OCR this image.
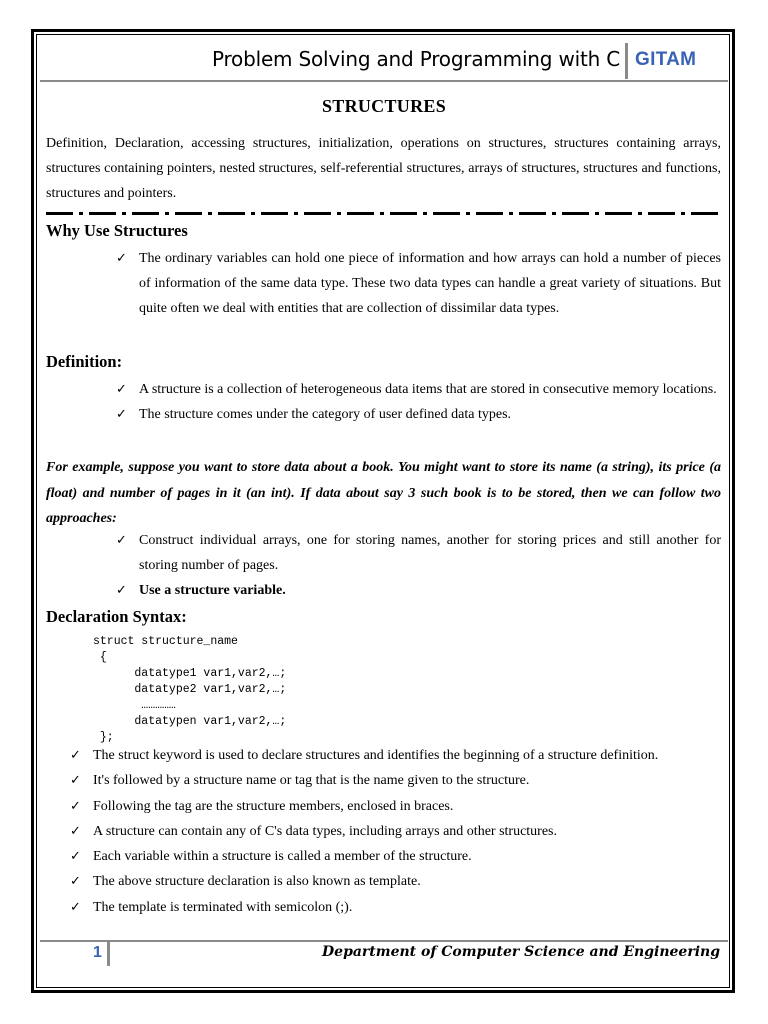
Problem Solving and Programming with C GITAM
STRUCTURES
Definition, Declaration, accessing structures, initialization, operations on structures, structures containing arrays, structures containing pointers, nested structures, self-referential structures, arrays of structures, structures and functions, structures and pointers.
Why Use Structures
✓ The ordinary variables can hold one piece of information and how arrays can hold a number of pieces of information of the same data type. These two data types can handle a great variety of situations. But quite often we deal with entities that are collection of dissimilar data types.
Definition:
✓ A structure is a collection of heterogeneous data items that are stored in consecutive memory locations.
✓ The structure comes under the category of user defined data types.
For example, suppose you want to store data about a book. You might want to store its name (a string), its price (a float) and number of pages in it (an int). If data about say 3 such book is to be stored, then we can follow two approaches:
✓ Construct individual arrays, one for storing names, another for storing prices and still another for storing number of pages.
✓ Use a structure variable.
Declaration Syntax:
struct structure_name
{
datatype1 var1,var2,…;
datatype2 var1,var2,…;
……………
datatypen var1,var2,…;
};
✓ The struct keyword is used to declare structures and identifies the beginning of a structure definition.
✓ It's followed by a structure name or tag that is the name given to the structure.
✓ Following the tag are the structure members, enclosed in braces.
✓ A structure can contain any of C's data types, including arrays and other structures.
✓ Each variable within a structure is called a member of the structure.
✓ The above structure declaration is also known as template.
✓ The template is terminated with semicolon (;).
1	Department of Computer Science and Engineering
